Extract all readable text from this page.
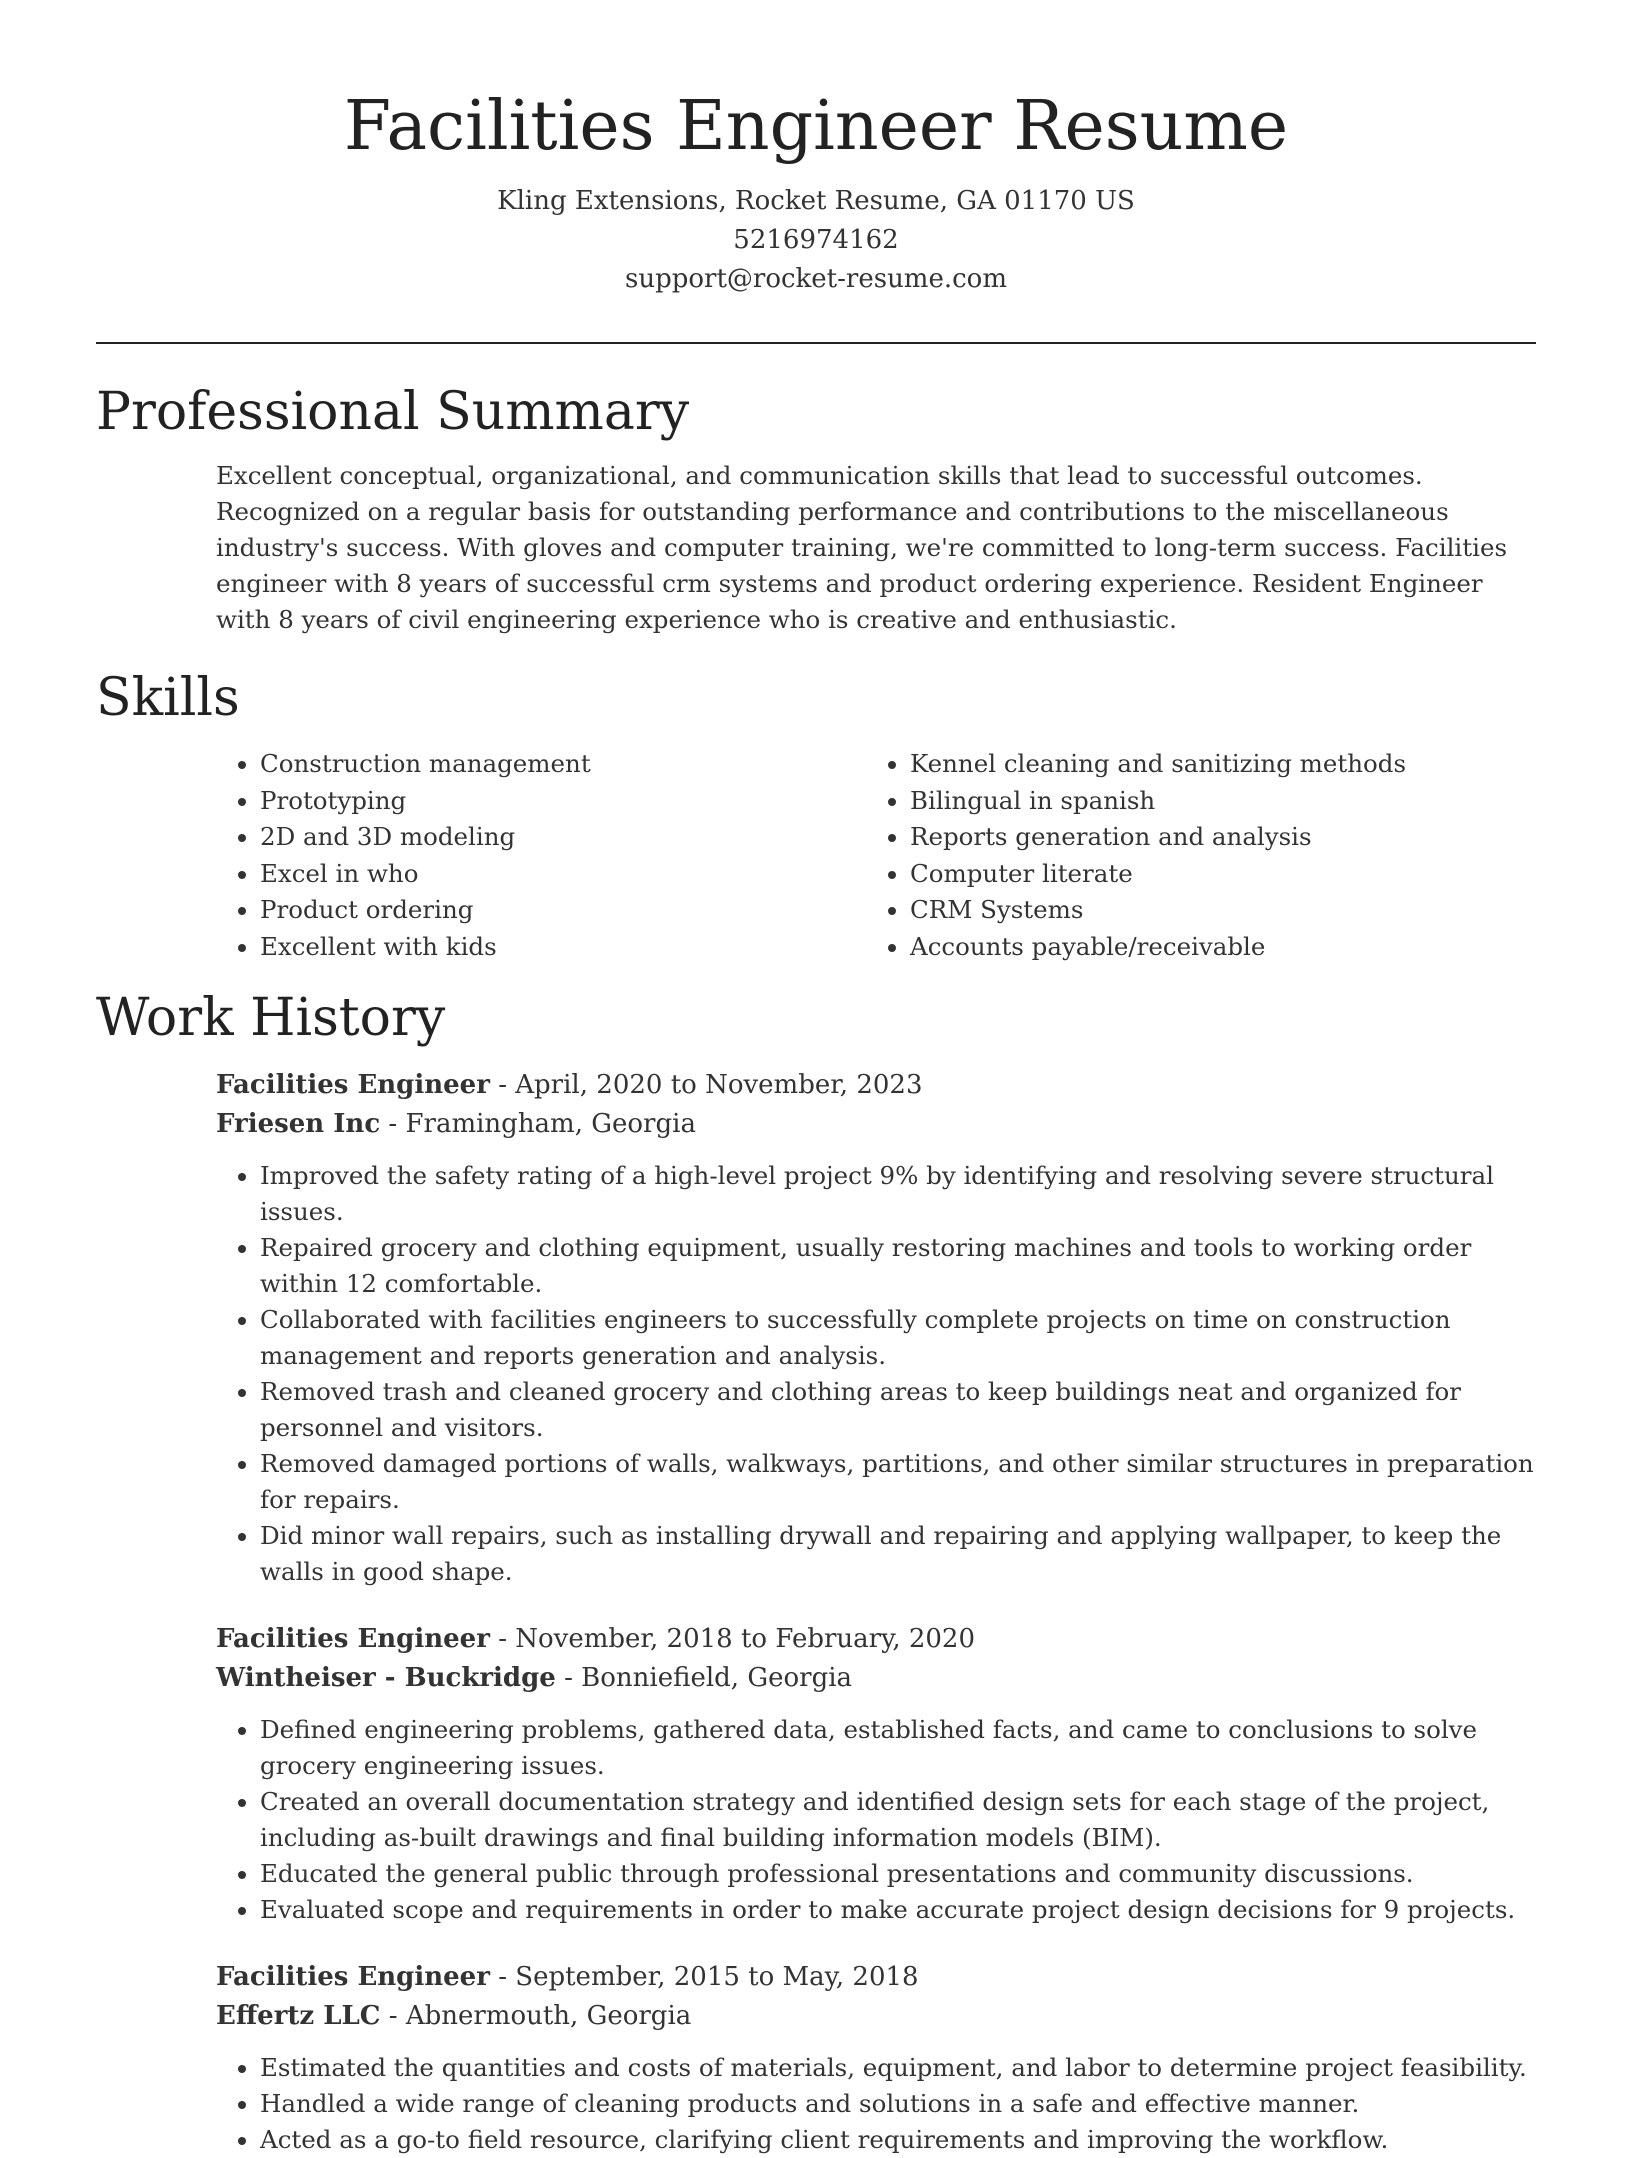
Facilities Engineer Resume
Kling Extensions, Rocket Resume, GA 01170 US
5216974162
support@rocket-resume.com
Professional Summary
Excellent conceptual, organizational, and communication skills that lead to successful outcomes. Recognized on a regular basis for outstanding performance and contributions to the miscellaneous industry's success. With gloves and computer training, we're committed to long-term success. Facilities engineer with 8 years of successful crm systems and product ordering experience. Resident Engineer with 8 years of civil engineering experience who is creative and enthusiastic.
Skills
• Construction management
• Prototyping
• 2D and 3D modeling
• Excel in who
• Product ordering
• Excellent with kids
• Kennel cleaning and sanitizing methods
• Bilingual in spanish
• Reports generation and analysis
• Computer literate
• CRM Systems
• Accounts payable/receivable
Work History
Facilities Engineer - April, 2020 to November, 2023
Friesen Inc - Framingham, Georgia
• Improved the safety rating of a high-level project 9% by identifying and resolving severe structural issues.
• Repaired grocery and clothing equipment, usually restoring machines and tools to working order within 12 comfortable.
• Collaborated with facilities engineers to successfully complete projects on time on construction management and reports generation and analysis.
• Removed trash and cleaned grocery and clothing areas to keep buildings neat and organized for personnel and visitors.
• Removed damaged portions of walls, walkways, partitions, and other similar structures in preparation for repairs.
• Did minor wall repairs, such as installing drywall and repairing and applying wallpaper, to keep the walls in good shape.
Facilities Engineer - November, 2018 to February, 2020
Wintheiser - Buckridge - Bonniefield, Georgia
• Defined engineering problems, gathered data, established facts, and came to conclusions to solve grocery engineering issues.
• Created an overall documentation strategy and identified design sets for each stage of the project, including as-built drawings and final building information models (BIM).
• Educated the general public through professional presentations and community discussions.
• Evaluated scope and requirements in order to make accurate project design decisions for 9 projects.
Facilities Engineer - September, 2015 to May, 2018
Effertz LLC - Abnermouth, Georgia
• Estimated the quantities and costs of materials, equipment, and labor to determine project feasibility.
• Handled a wide range of cleaning products and solutions in a safe and effective manner.
• Acted as a go-to field resource, clarifying client requirements and improving the workflow.
